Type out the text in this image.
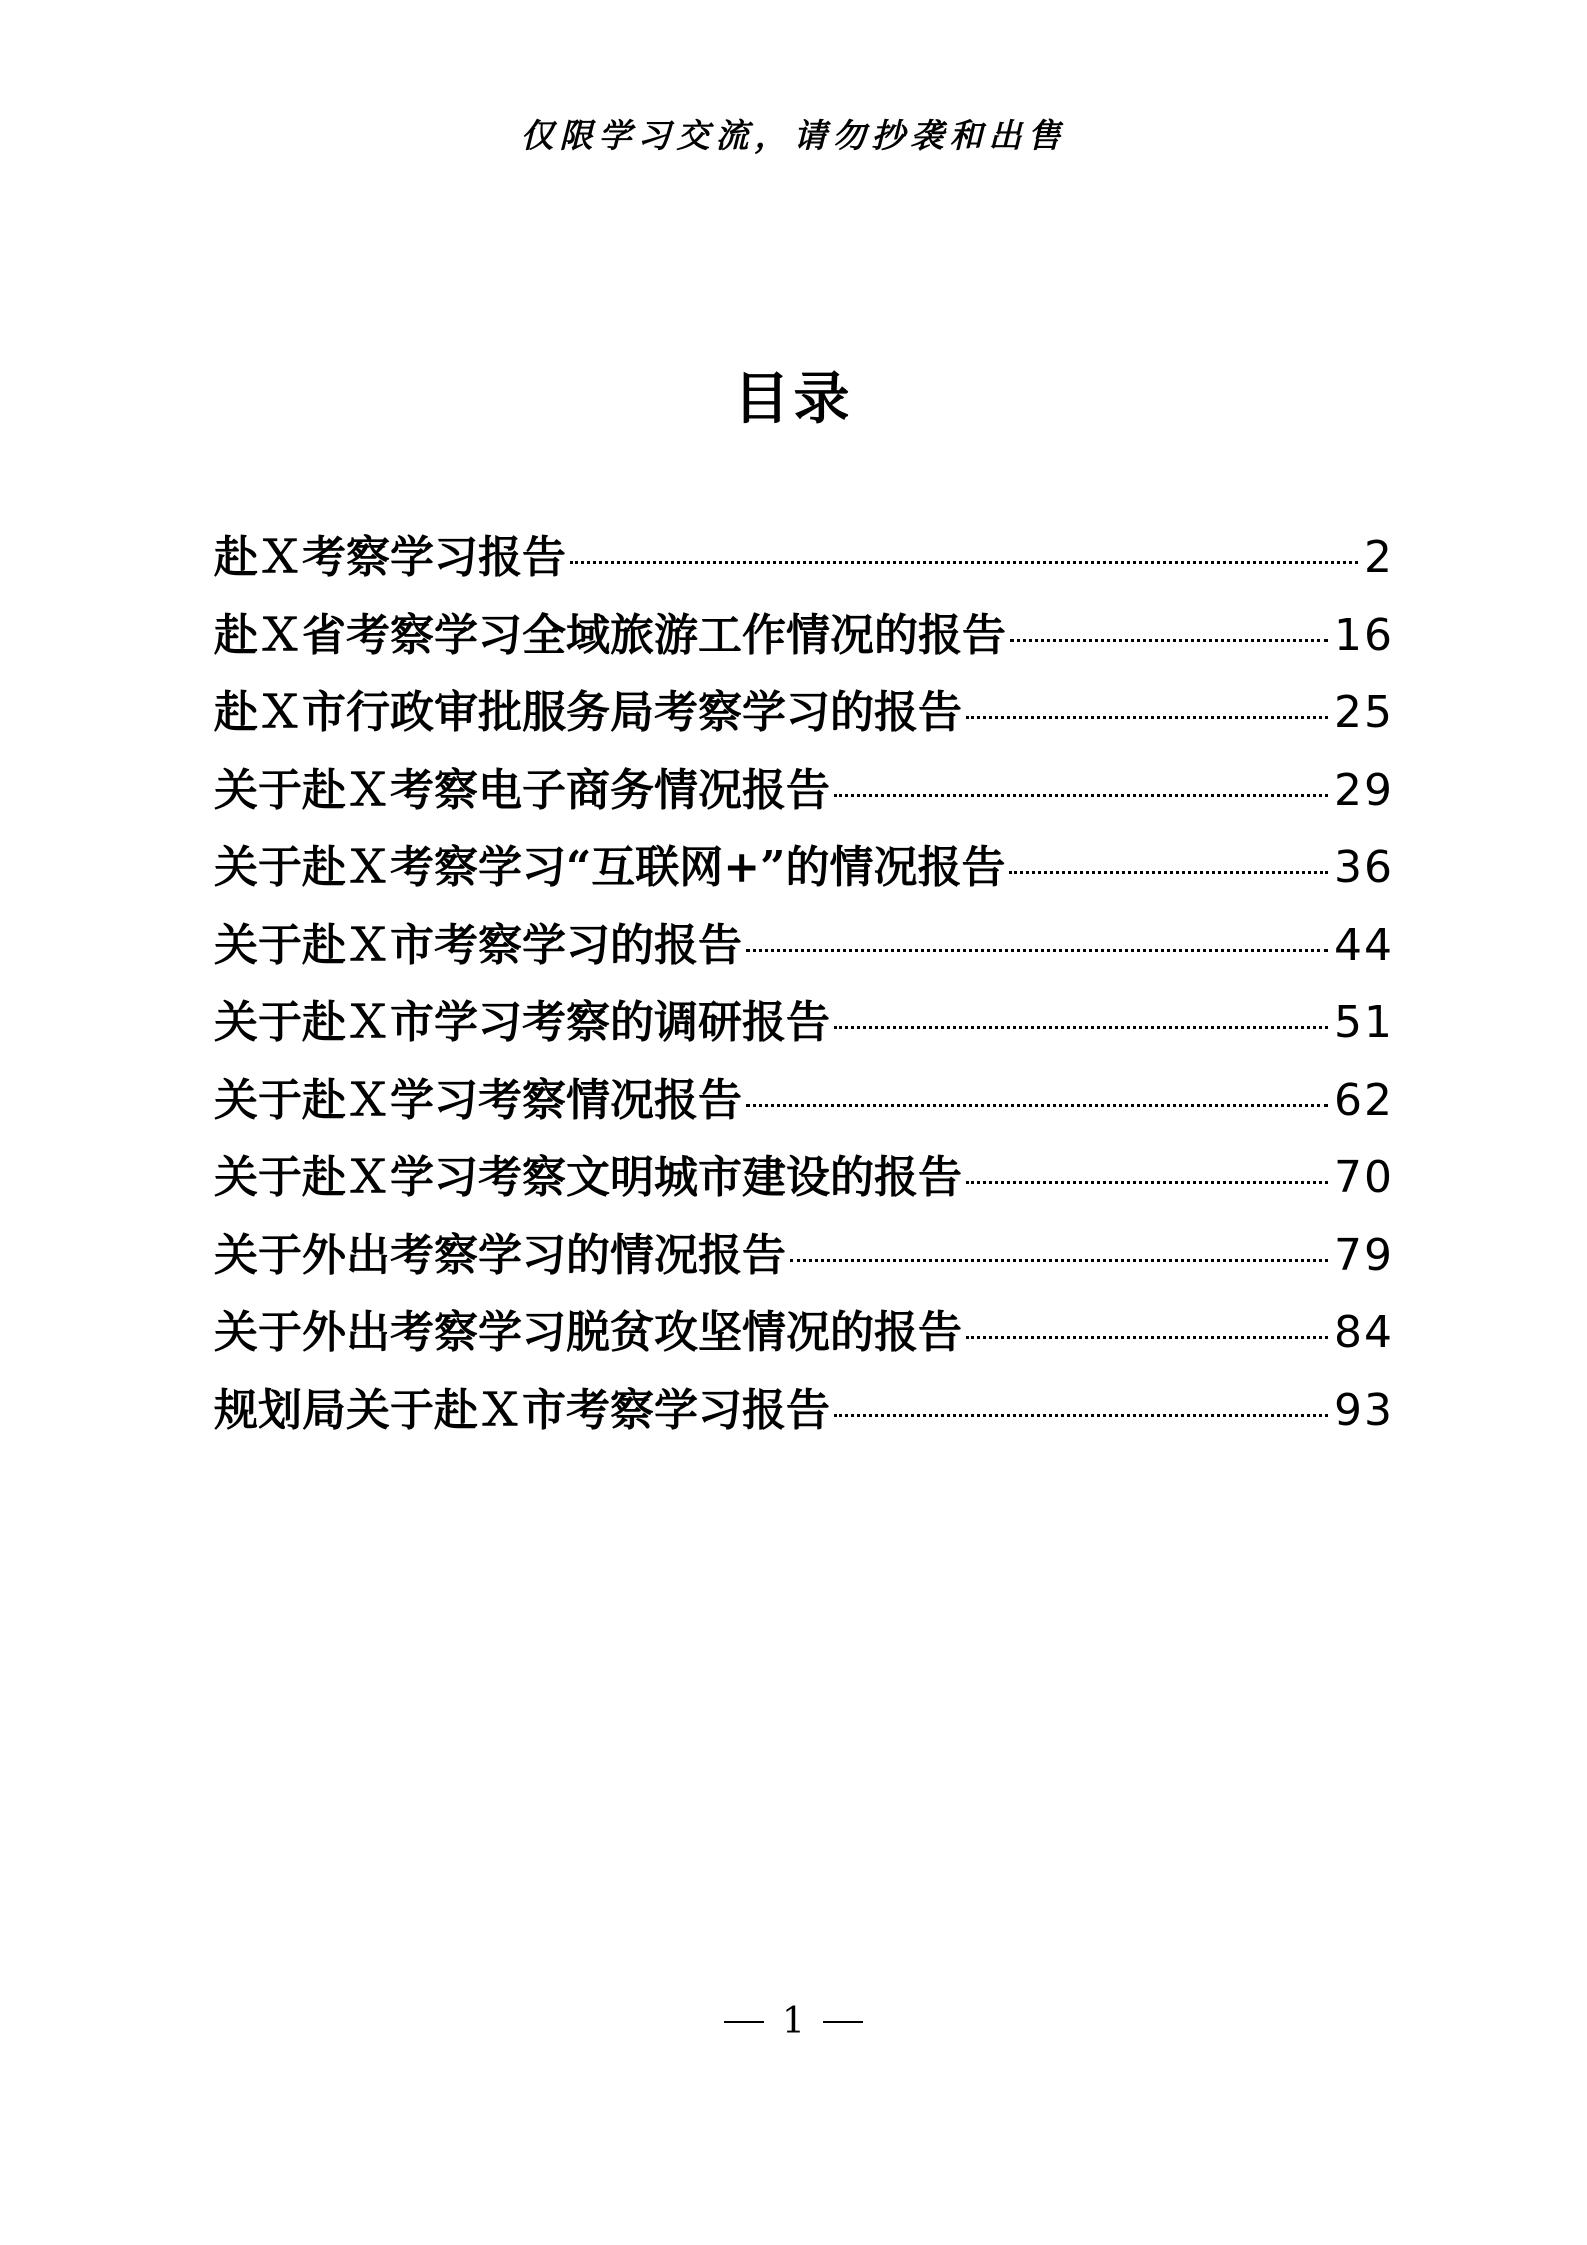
仅限学习交流，请勿抄袭和出售
目录
赴Ｘ考察学习报告	2
赴Ｘ省考察学习全域旅游工作情况的报告	16
赴Ｘ市行政审批服务局考察学习的报告	25
关于赴Ｘ考察电子商务情况报告	29
关于赴Ｘ考察学习“互联网+”的情况报告	36
关于赴Ｘ市考察学习的报告	44
关于赴Ｘ市学习考察的调研报告	51
关于赴Ｘ学习考察情况报告	62
关于赴Ｘ学习考察文明城市建设的报告	70
关于外出考察学习的情况报告	79
关于外出考察学习脱贫攻坚情况的报告	84
规划局关于赴Ｘ市考察学习报告	93
1
